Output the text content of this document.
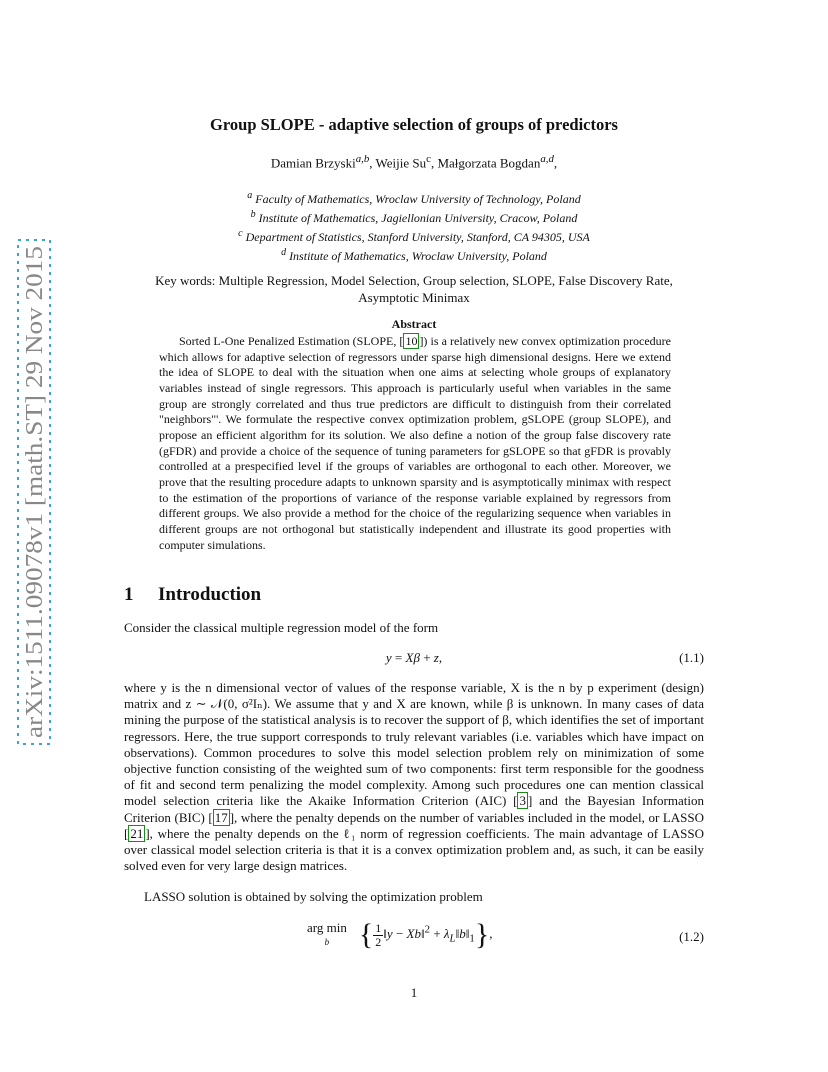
arXiv:1511.09078v1 [math.ST] 29 Nov 2015
Group SLOPE - adaptive selection of groups of predictors
Damian Brzyski$^{a,b}$, Weijie Su$^c$, Małgorzata Bogdan$^{a,d}$,
$^a$ Faculty of Mathematics, Wroclaw University of Technology, Poland
$^b$ Institute of Mathematics, Jagiellonian University, Cracow, Poland
$^c$ Department of Statistics, Stanford University, Stanford, CA 94305, USA
$^d$ Institute of Mathematics, Wroclaw University, Poland
Key words: Multiple Regression, Model Selection, Group selection, SLOPE, False Discovery Rate,
Asymptotic Minimax
Abstract

Sorted L-One Penalized Estimation (SLOPE, [ 10 ]) is a relatively new convex optimization procedure which allows for adaptive selection of regressors under sparse high dimensional designs. Here we extend the idea of SLOPE to deal with the situation when one aims at selecting whole groups of explanatory variables instead of single regressors. This approach is particularly useful when variables in the same group are strongly correlated and thus true predictors are difficult to distinguish from their correlated "neighbors"'. We formulate the respective convex optimization problem, gSLOPE (group SLOPE), and propose an efficient algorithm for its solution. We also define a notion of the group false discovery rate (gFDR) and provide a choice of the sequence of tuning parameters for gSLOPE so that gFDR is provably controlled at a prespecified level if the groups of variables are orthogonal to each other. Moreover, we prove that the resulting procedure adapts to unknown sparsity and is asymptotically minimax with respect to the estimation of the proportions of variance of the response variable explained by regressors from different groups. We also provide a method for the choice of the regularizing sequence when variables in different groups are not orthogonal but statistically independent and illustrate its good properties with computer simulations.

1 Introduction

Consider the classical multiple regression model of the form

y = Xβ + z,	(1.1)

where y is the n dimensional vector of values of the response variable, X is the n by p experiment (design) matrix and z ∼ 𝒩(0, σ²Iₙ). We assume that y and X are known, while β is unknown. In many cases of data mining the purpose of the statistical analysis is to recover the support of β, which identifies the set of important regressors. Here, the true support corresponds to truly relevant variables (i.e. variables which have impact on observations). Common procedures to solve this model selection problem rely on minimization of some objective function consisting of the weighted sum of two components: first term responsible for the goodness of fit and second term penalizing the model complexity. Among such procedures one can mention classical model selection criteria like the Akaike Information Criterion (AIC) [ 3 ] and the Bayesian Information Criterion (BIC) [ 17 ], where the penalty depends on the number of variables included in the model, or LASSO [ 21 ], where the penalty depends on the ℓ₁ norm of regression coefficients. The main advantage of LASSO over classical model selection criteria is that it is a convex optimization problem and, as such, it can be easily solved even for very large design matrices.

LASSO solution is obtained by solving the optimization problem

arg min
b { $\frac{1}{2}$ ‖y − Xb‖$^2$ + $\lambda_L‖b‖_1$},	(1.2)
1
